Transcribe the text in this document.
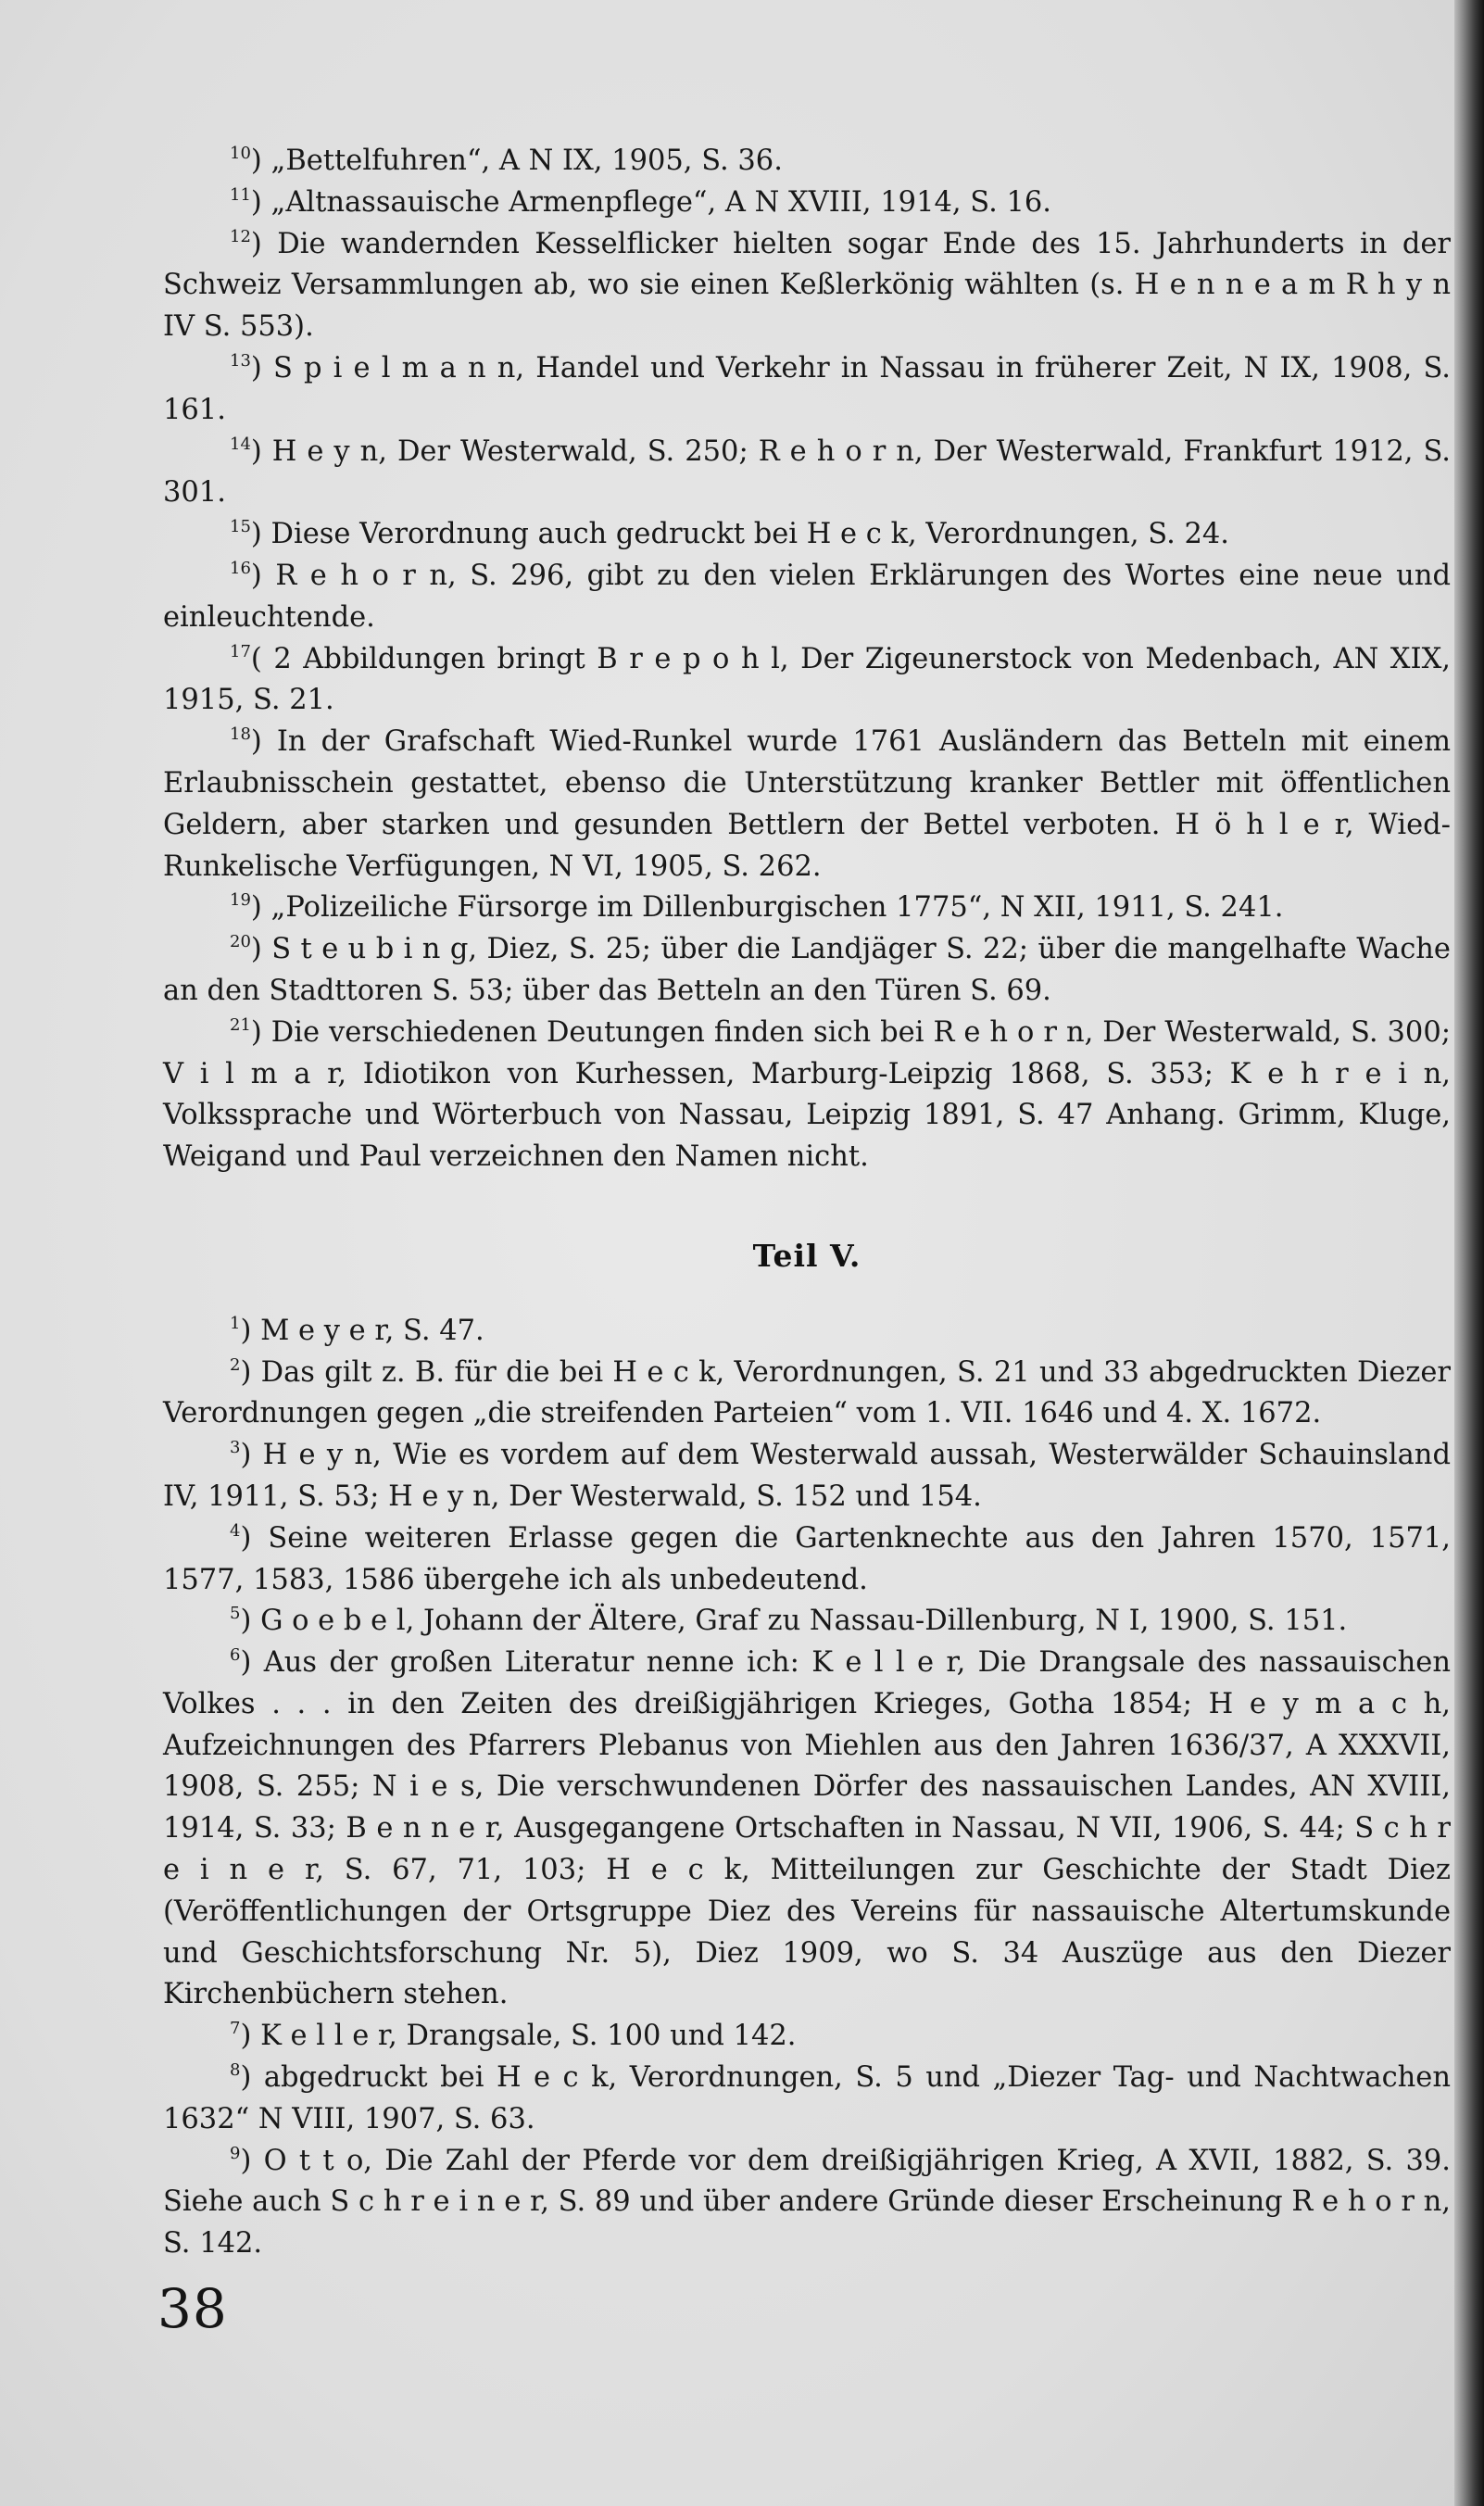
$^{10}$) „Bettelfuhren“, A N IX, 1905, S. 36.

$^{11}$) „Altnassauische Armenpflege“, A N XVIII, 1914, S. 16.

$^{12}$) Die wandernden Kesselflicker hielten sogar Ende des 15. Jahrhunderts in der Schweiz Versammlungen ab, wo sie einen Keßlerkönig wählten (s. H e n n e a m R h y n IV S. 553).

$^{13}$) S p i e l m a n n, Handel und Verkehr in Nassau in früherer Zeit, N IX, 1908, S. 161.

$^{14}$) H e y n, Der Westerwald, S. 250; R e h o r n, Der Westerwald, Frankfurt 1912, S. 301.

$^{15}$) Diese Verordnung auch gedruckt bei H e c k, Verordnungen, S. 24.

$^{16}$) R e h o r n, S. 296, gibt zu den vielen Erklärungen des Wortes eine neue und einleuchtende.

$^{17}$( 2 Abbildungen bringt B r e p o h l, Der Zigeunerstock von Medenbach, AN XIX, 1915, S. 21.

$^{18}$) In der Grafschaft Wied-Runkel wurde 1761 Ausländern das Betteln mit einem Erlaubnisschein gestattet, ebenso die Unterstützung kranker Bettler mit öffentlichen Geldern, aber starken und gesunden Bettlern der Bettel verboten. H ö h l e r, Wied-Runkelische Verfügungen, N VI, 1905, S. 262.

$^{19}$) „Polizeiliche Fürsorge im Dillenburgischen 1775“, N XII, 1911, S. 241.

$^{20}$) S t e u b i n g, Diez, S. 25; über die Landjäger S. 22; über die mangelhafte Wache an den Stadttoren S. 53; über das Betteln an den Türen S. 69.

$^{21}$) Die verschiedenen Deutungen finden sich bei R e h o r n, Der Westerwald, S. 300; V i l m a r, Idiotikon von Kurhessen, Marburg-Leipzig 1868, S. 353; K e h r e i n, Volkssprache und Wörterbuch von Nassau, Leipzig 1891, S. 47 Anhang. Grimm, Kluge, Weigand und Paul verzeichnen den Namen nicht.

Teil V.

$^1$) M e y e r, S. 47.

$^2$) Das gilt z. B. für die bei H e c k, Verordnungen, S. 21 und 33 abgedruckten Diezer Verordnungen gegen „die streifenden Parteien“ vom 1. VII. 1646 und 4. X. 1672.

$^3$) H e y n, Wie es vordem auf dem Westerwald aussah, Westerwälder Schauinsland IV, 1911, S. 53; H e y n, Der Westerwald, S. 152 und 154.

$^4$) Seine weiteren Erlasse gegen die Gartenknechte aus den Jahren 1570, 1571, 1577, 1583, 1586 übergehe ich als unbedeutend.

$^5$) G o e b e l, Johann der Ältere, Graf zu Nassau-Dillenburg, N I, 1900, S. 151.

$^6$) Aus der großen Literatur nenne ich: K e l l e r, Die Drangsale des nassauischen Volkes . . . in den Zeiten des dreißigjährigen Krieges, Gotha 1854; H e y m a c h, Aufzeichnungen des Pfarrers Plebanus von Miehlen aus den Jahren 1636/37, A XXXVII, 1908, S. 255; N i e s, Die verschwundenen Dörfer des nassauischen Landes, AN XVIII, 1914, S. 33; B e n n e r, Ausgegangene Ortschaften in Nassau, N VII, 1906, S. 44; S c h r e i n e r, S. 67, 71, 103; H e c k, Mitteilungen zur Geschichte der Stadt Diez (Veröffentlichungen der Ortsgruppe Diez des Vereins für nassauische Altertumskunde und Geschichtsforschung Nr. 5), Diez 1909, wo S. 34 Auszüge aus den Diezer Kirchenbüchern stehen.

$^7$) K e l l e r, Drangsale, S. 100 und 142.

$^8$) abgedruckt bei H e c k, Verordnungen, S. 5 und „Diezer Tag- und Nachtwachen 1632“ N VIII, 1907, S. 63.

$^9$) O t t o, Die Zahl der Pferde vor dem dreißigjährigen Krieg, A XVII, 1882, S. 39. Siehe auch S c h r e i n e r, S. 89 und über andere Gründe dieser Erscheinung R e h o r n, S. 142.

38
